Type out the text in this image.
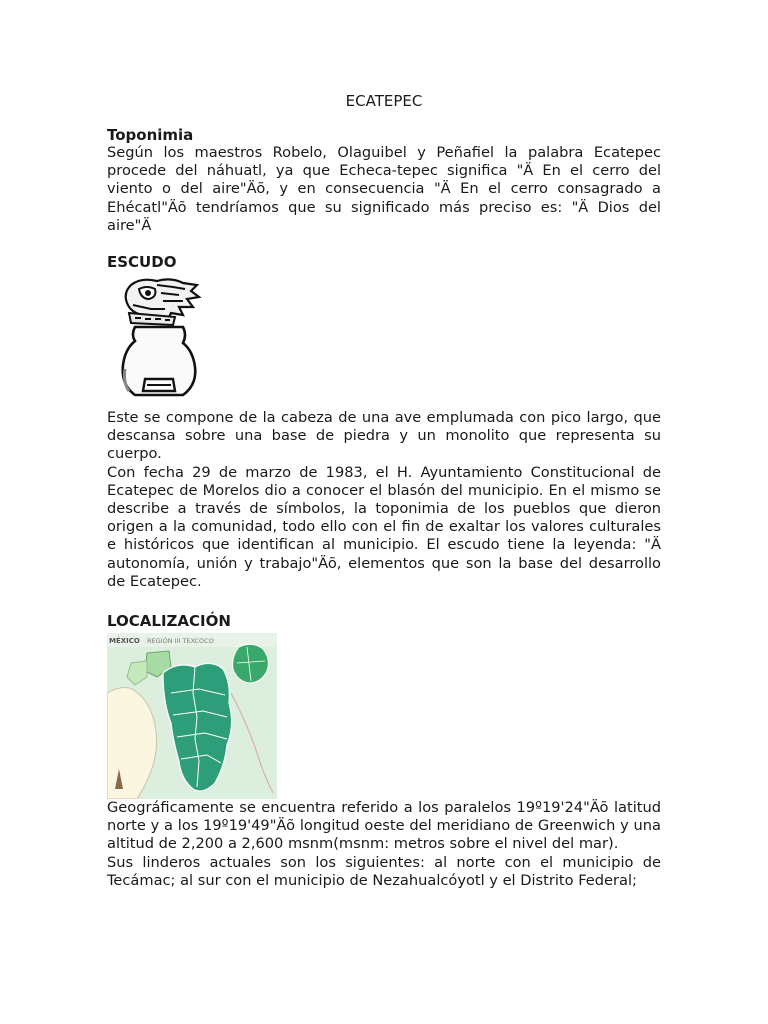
ECATEPEC
Toponimia

Según los maestros Robelo, Olaguibel y Peñafiel la palabra Ecatepec procede del náhuatl, ya que Echeca-tepec significa "Ä En el cerro del viento o del aire"Äõ, y en consecuencia "Ä En el cerro consagrado a Ehécatl"Äõ tendríamos que su significado más preciso es: "Ä Dios del aire"Ä

ESCUDO

Este se compone de la cabeza de una ave emplumada con pico largo, que descansa sobre una base de piedra y un monolito que representa su cuerpo.

Con fecha 29 de marzo de 1983, el H. Ayuntamiento Constitucional de Ecatepec de Morelos dio a conocer el blasón del municipio. En el mismo se describe a través de símbolos, la toponimia de los pueblos que dieron origen a la comunidad, todo ello con el fin de exaltar los valores culturales e históricos que identifican al municipio. El escudo tiene la leyenda: "Ä autonomía, unión y trabajo"Äõ, elementos que son la base del desarrollo de Ecatepec.

LOCALIZACIÓN
MÉXICO REGIÓN III TEXCOCO

Geográficamente se encuentra referido a los paralelos 19º19'24"Äõ latitud norte y a los 19º19'49"Äõ longitud oeste del meridiano de Greenwich y una altitud de 2,200 a 2,600 msnm(msnm: metros sobre el nivel del mar).

Sus linderos actuales son los siguientes: al norte con el municipio de Tecámac; al sur con el municipio de Nezahualcóyotl y el Distrito Federal;
